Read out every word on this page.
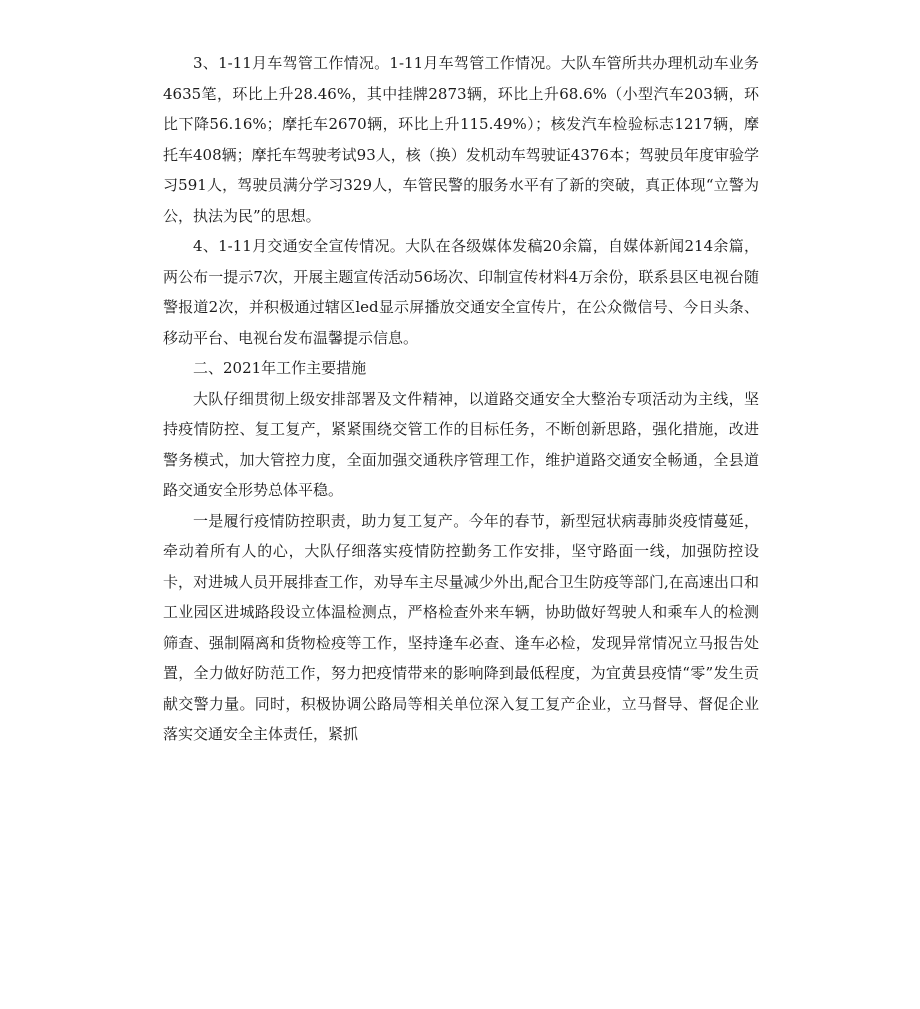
3、1-11月车驾管工作情况。1-11月车驾管工作情况。大队车管所共办理机动车业务4635笔，环比上升28.46%，其中挂牌2873辆，环比上升68.6%（小型汽车203辆，环比下降56.16%；摩托车2670辆，环比上升115.49%）；核发汽车检验标志1217辆，摩托车408辆；摩托车驾驶考试93人，核（换）发机动车驾驶证4376本；驾驶员年度审验学习591人，驾驶员满分学习329人，车管民警的服务水平有了新的突破，真正体现“立警为公，执法为民”的思想。

4、1-11月交通安全宣传情况。大队在各级媒体发稿20余篇，自媒体新闻214余篇，两公布一提示7次，开展主题宣传活动56场次、印制宣传材料4万余份，联系县区电视台随警报道2次，并积极通过辖区led显示屏播放交通安全宣传片，在公众微信号、今日头条、移动平台、电视台发布温馨提示信息。

二、2021年工作主要措施

大队仔细贯彻上级安排部署及文件精神，以道路交通安全大整治专项活动为主线，坚持疫情防控、复工复产，紧紧围绕交管工作的目标任务，不断创新思路，强化措施，改进警务模式，加大管控力度，全面加强交通秩序管理工作，维护道路交通安全畅通，全县道路交通安全形势总体平稳。

一是履行疫情防控职责，助力复工复产。今年的春节，新型冠状病毒肺炎疫情蔓延，牵动着所有人的心，大队仔细落实疫情防控勤务工作安排，坚守路面一线，加强防控设卡，对进城人员开展排查工作，劝导车主尽量减少外出,配合卫生防疫等部门,在高速出口和工业园区进城路段设立体温检测点，严格检查外来车辆，协助做好驾驶人和乘车人的检测筛查、强制隔离和货物检疫等工作，坚持逢车必查、逢车必检，发现异常情况立马报告处置，全力做好防范工作，努力把疫情带来的影响降到最低程度，为宜黄县疫情“零”发生贡献交警力量。同时，积极协调公路局等相关单位深入复工复产企业，立马督导、督促企业落实交通安全主体责任，紧抓
